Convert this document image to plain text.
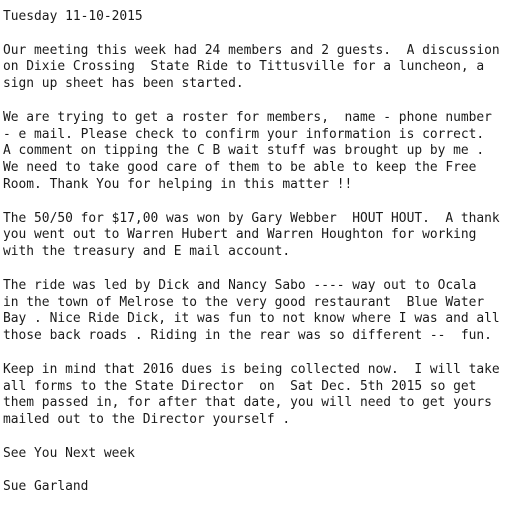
Tuesday 11-10-2015
Our meeting this week had 24 members and 2 guests.  A discussion
on Dixie Crossing  State Ride to Tittusville for a luncheon, a
sign up sheet has been started.
We are trying to get a roster for members,  name - phone number
- e mail. Please check to confirm your information is correct.
A comment on tipping the C B wait stuff was brought up by me .
We need to take good care of them to be able to keep the Free
Room. Thank You for helping in this matter !!
The 50/50 for $17,00 was won by Gary Webber  HOUT HOUT.  A thank
you went out to Warren Hubert and Warren Houghton for working
with the treasury and E mail account.
The ride was led by Dick and Nancy Sabo ---- way out to Ocala
in the town of Melrose to the very good restaurant  Blue Water
Bay . Nice Ride Dick, it was fun to not know where I was and all
those back roads . Riding in the rear was so different --  fun.
Keep in mind that 2016 dues is being collected now.  I will take
all forms to the State Director  on  Sat Dec. 5th 2015 so get
them passed in, for after that date, you will need to get yours
mailed out to the Director yourself .
See You Next week
Sue Garland
